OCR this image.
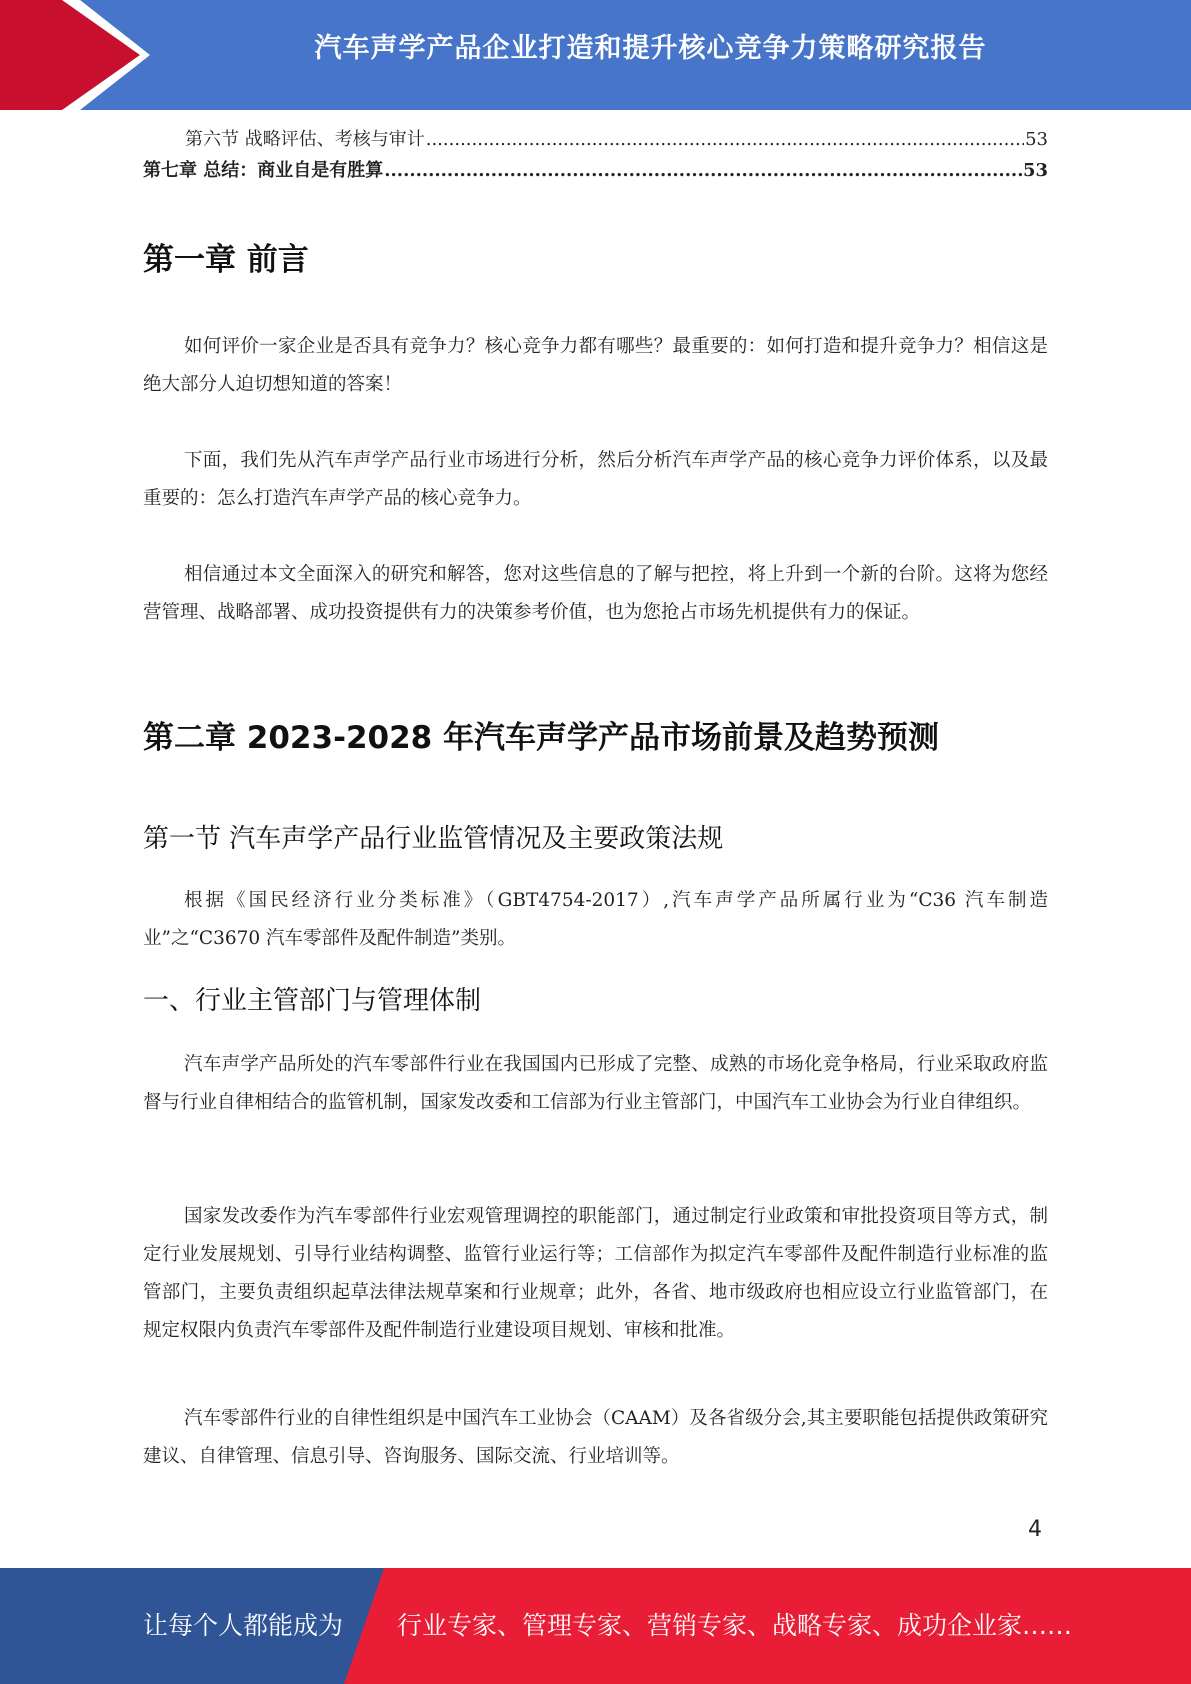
汽车声学产品企业打造和提升核心竞争力策略研究报告
第六节 战略评估、考核与审计 .....	53
第七章 总结：商业自是有胜算 .....	53
第一章 前言

如何评价一家企业是否具有竞争力？核心竞争力都有哪些？最重要的：如何打造和提升竞争力？相信这是绝大部分人迫切想知道的答案！

下面，我们先从汽车声学产品行业市场进行分析，然后分析汽车声学产品的核心竞争力评价体系，以及最重要的：怎么打造汽车声学产品的核心竞争力。

相信通过本文全面深入的研究和解答，您对这些信息的了解与把控，将上升到一个新的台阶。这将为您经营管理、战略部署、成功投资提供有力的决策参考价值，也为您抢占市场先机提供有力的保证。

第二章 2023-2028 年汽车声学产品市场前景及趋势预测
第一节 汽车声学产品行业监管情况及主要政策法规

根据《国民经济行业分类标准》（GBT4754-2017）,汽车声学产品所属行业为“C36 汽车制造业”之“C3670 汽车零部件及配件制造”类别。

一、行业主管部门与管理体制

汽车声学产品所处的汽车零部件行业在我国国内已形成了完整、成熟的市场化竞争格局，行业采取政府监督与行业自律相结合的监管机制，国家发改委和工信部为行业主管部门，中国汽车工业协会为行业自律组织。

国家发改委作为汽车零部件行业宏观管理调控的职能部门，通过制定行业政策和审批投资项目等方式，制定行业发展规划、引导行业结构调整、监管行业运行等；工信部作为拟定汽车零部件及配件制造行业标准的监管部门，主要负责组织起草法律法规草案和行业规章；此外，各省、地市级政府也相应设立行业监管部门，在规定权限内负责汽车零部件及配件制造行业建设项目规划、审核和批准。

汽车零部件行业的自律性组织是中国汽车工业协会（CAAM）及各省级分会,其主要职能包括提供政策研究建议、自律管理、信息引导、咨询服务、国际交流、行业培训等。

4
让每个人都能成为 行业专家、管理专家、营销专家、战略专家、成功企业家……
